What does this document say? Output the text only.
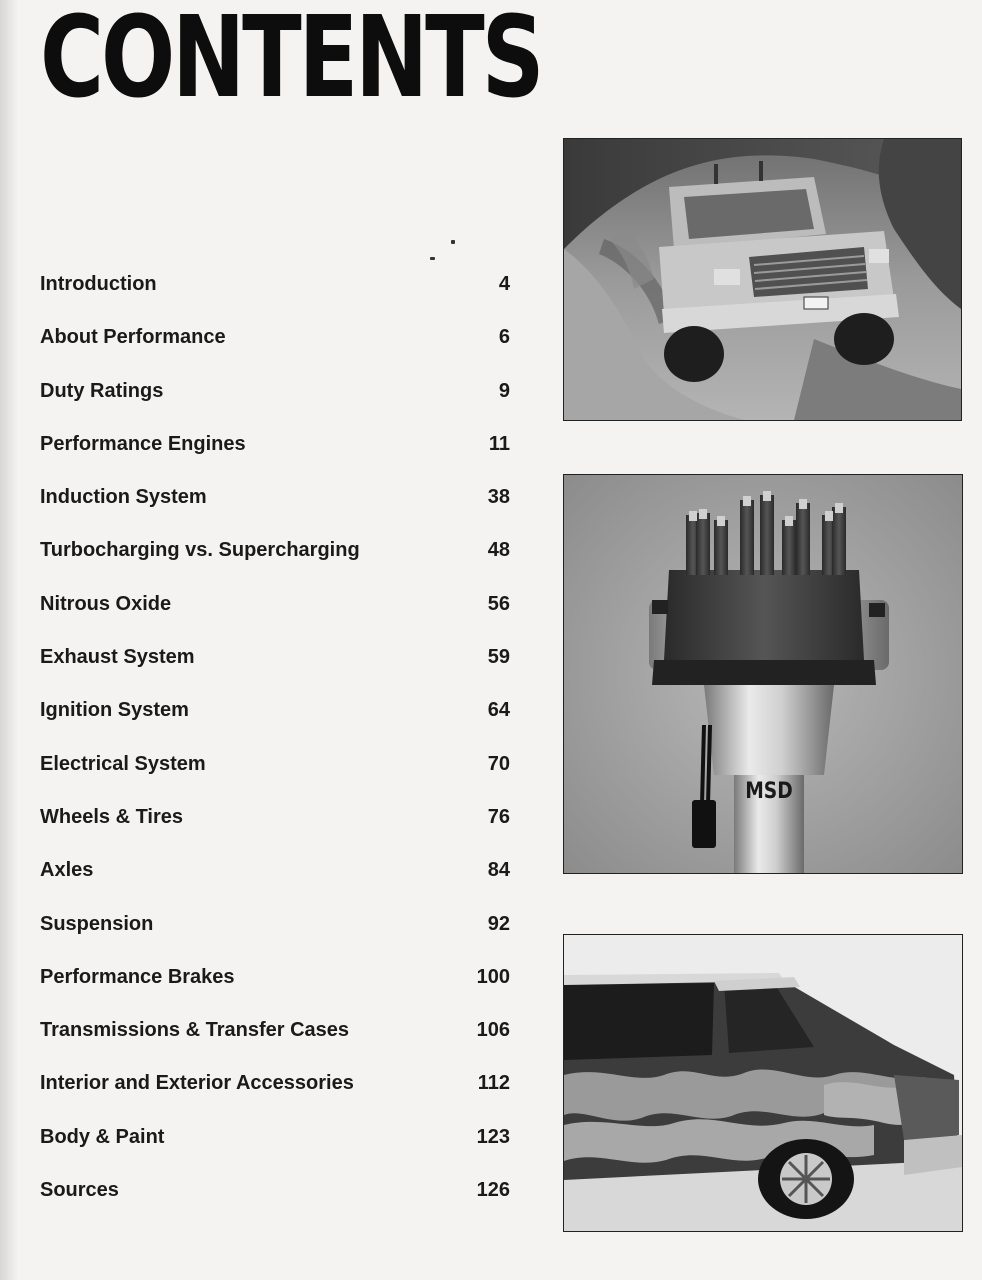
CONTENTS
Introduction	4
About Performance	6
Duty Ratings	9
Performance Engines	11
Induction System	38
Turbocharging vs. Supercharging	48
Nitrous Oxide	56
Exhaust System	59
Ignition System	64
Electrical System	70
Wheels & Tires	76
Axles	84
Suspension	92
Performance Brakes	100
Transmissions & Transfer Cases	106
Interior and Exterior Accessories	112
Body & Paint	123
Sources	126
MSD
